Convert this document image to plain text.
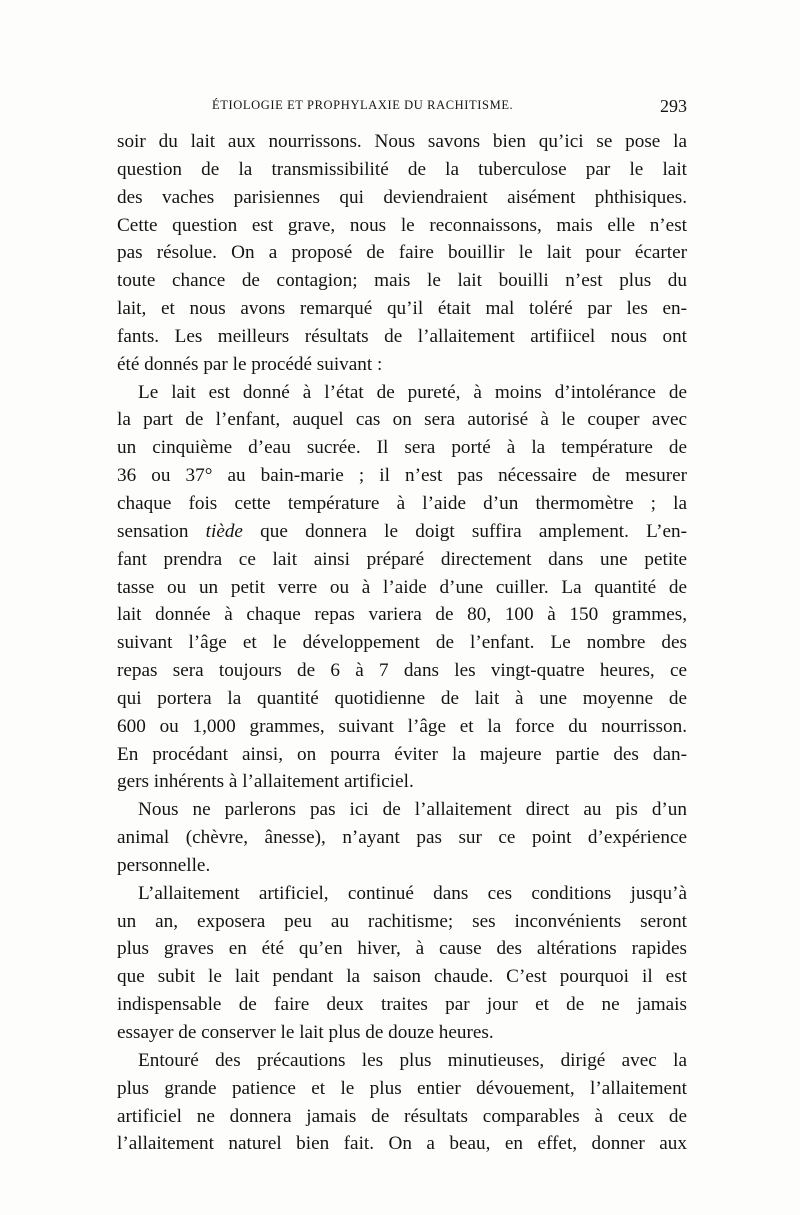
ÉTIOLOGIE ET PROPHYLAXIE DU RACHITISME.	293
soir du lait aux nourrissons. Nous savons bien qu’ici se pose la
question de la transmissibilité de la tuberculose par le lait
des vaches parisiennes qui deviendraient aisément phthisiques.
Cette question est grave, nous le reconnaissons, mais elle n’est
pas résolue. On a proposé de faire bouillir le lait pour écarter
toute chance de contagion; mais le lait bouilli n’est plus du
lait, et nous avons remarqué qu’il était mal toléré par les en-
fants. Les meilleurs résultats de l’allaitement artifiicel nous ont
été donnés par le procédé suivant :
Le lait est donné à l’état de pureté, à moins d’intolérance de
la part de l’enfant, auquel cas on sera autorisé à le couper avec
un cinquième d’eau sucrée. Il sera porté à la température de
36 ou 37° au bain-marie ; il n’est pas nécessaire de mesurer
chaque fois cette température à l’aide d’un thermomètre ; la
sensation tiède que donnera le doigt suffira amplement. L’en-
fant prendra ce lait ainsi préparé directement dans une petite
tasse ou un petit verre ou à l’aide d’une cuiller. La quantité de
lait donnée à chaque repas variera de 80, 100 à 150 grammes,
suivant l’âge et le développement de l’enfant. Le nombre des
repas sera toujours de 6 à 7 dans les vingt-quatre heures, ce
qui portera la quantité quotidienne de lait à une moyenne de
600 ou 1,000 grammes, suivant l’âge et la force du nourrisson.
En procédant ainsi, on pourra éviter la majeure partie des dan-
gers inhérents à l’allaitement artificiel.
Nous ne parlerons pas ici de l’allaitement direct au pis d’un
animal (chèvre, ânesse), n’ayant pas sur ce point d’expérience
personnelle.
L’allaitement artificiel, continué dans ces conditions jusqu’à
un an, exposera peu au rachitisme; ses inconvénients seront
plus graves en été qu’en hiver, à cause des altérations rapides
que subit le lait pendant la saison chaude. C’est pourquoi il est
indispensable de faire deux traites par jour et de ne jamais
essayer de conserver le lait plus de douze heures.
Entouré des précautions les plus minutieuses, dirigé avec la
plus grande patience et le plus entier dévouement, l’allaitement
artificiel ne donnera jamais de résultats comparables à ceux de
l’allaitement naturel bien fait. On a beau, en effet, donner aux
